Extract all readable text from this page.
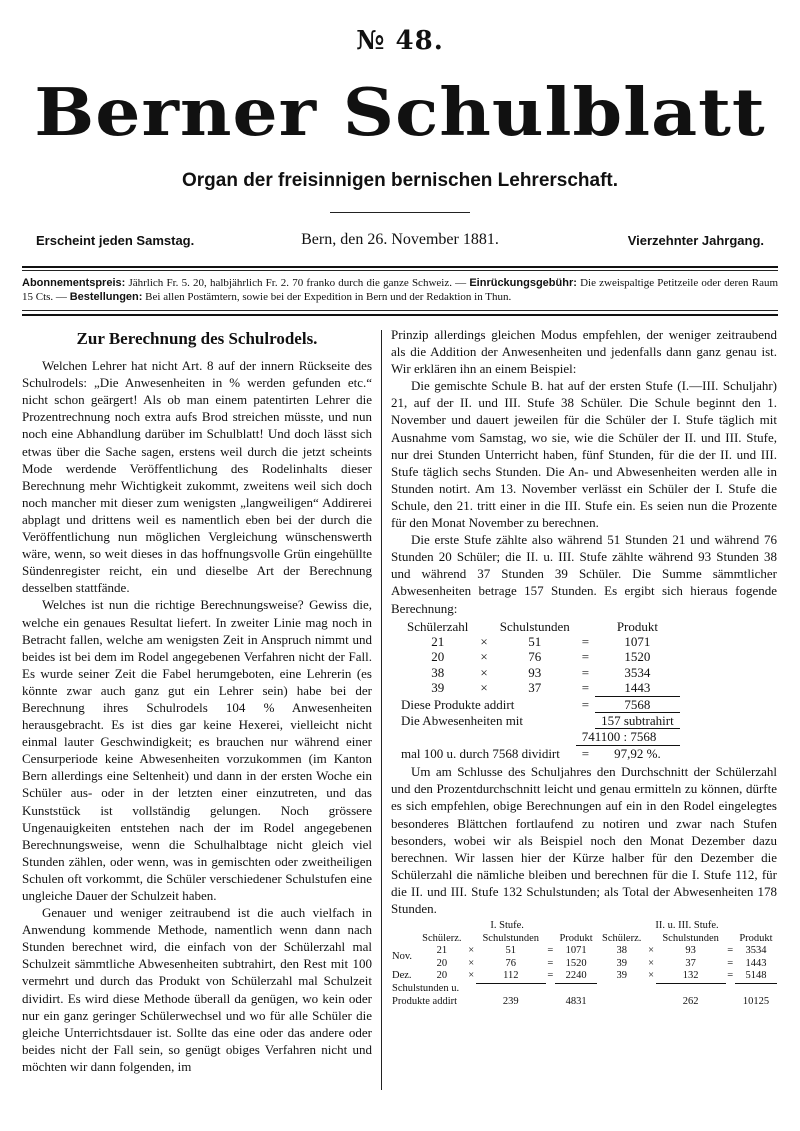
№ 48.
Berner Schulblatt
Organ der freisinnigen bernischen Lehrerschaft.
Erscheint jeden Samstag.	Bern, den 26. November 1881.	Vierzehnter Jahrgang.
Abonnementspreis: Jährlich Fr. 5. 20, halbjährlich Fr. 2. 70 franko durch die ganze Schweiz. — Einrückungsgebühr: Die zweispaltige Petitzeile oder deren Raum 15 Cts. — Bestellungen: Bei allen Postämtern, sowie bei der Expedition in Bern und der Redaktion in Thun.
Zur Berechnung des Schulrodels.

Welchen Lehrer hat nicht Art. 8 auf der innern Rückseite des Schulrodels: „Die Anwesenheiten in % werden gefunden etc.“ nicht schon geärgert! Als ob man einem patentirten Lehrer die Prozentrechnung noch extra aufs Brod streichen müsste, und nun noch eine Abhandlung darüber im Schulblatt! Und doch lässt sich etwas über die Sache sagen, erstens weil durch die jetzt scheints Mode werdende Veröffentlichung des Rodelinhalts dieser Berechnung mehr Wichtigkeit zukommt, zweitens weil sich doch noch mancher mit dieser zum wenigsten „langweiligen“ Addirerei abplagt und drittens weil es namentlich eben bei der durch die Veröffentlichung nun möglichen Vergleichung wünschenswerth wäre, wenn, so weit dieses in das hoffnungsvolle Grün eingehüllte Sündenregister reicht, ein und dieselbe Art der Berechnung desselben stattfände.

Welches ist nun die richtige Berechnungsweise? Gewiss die, welche ein genaues Resultat liefert. In zweiter Linie mag noch in Betracht fallen, welche am wenigsten Zeit in Anspruch nimmt und beides ist bei dem im Rodel angegebenen Verfahren nicht der Fall. Es wurde seiner Zeit die Fabel herumgeboten, eine Lehrerin (es könnte zwar auch ganz gut ein Lehrer sein) habe bei der Berechnung ihres Schulrodels 104 % Anwesenheiten herausgebracht. Es ist dies gar keine Hexerei, vielleicht nicht einmal lauter Geschwindigkeit; es brauchen nur während einer Censurperiode keine Abwesenheiten vorzukommen (im Kanton Bern allerdings eine Seltenheit) und dann in der ersten Woche ein Schüler aus- oder in der letzten einer einzutreten, und das Kunststück ist vollständig gelungen. Noch grössere Ungenauigkeiten entstehen nach der im Rodel angegebenen Berechnungsweise, wenn die Schulhalbtage nicht gleich viel Stunden zählen, oder wenn, was in gemischten oder zweitheiligen Schulen oft vorkommt, die Schüler verschiedener Schulstufen eine ungleiche Dauer der Schulzeit haben.

Genauer und weniger zeitraubend ist die auch vielfach in Anwendung kommende Methode, namentlich wenn dann nach Stunden berechnet wird, die einfach von der Schülerzahl mal Schulzeit sämmtliche Abwesenheiten subtrahirt, den Rest mit 100 vermehrt und durch das Produkt von Schülerzahl mal Schulzeit dividirt. Es wird diese Methode überall da genügen, wo kein oder nur ein ganz geringer Schülerwechsel und wo für alle Schüler die gleiche Unterrichtsdauer ist. Sollte das eine oder das andere oder beides nicht der Fall sein, so genügt obiges Verfahren nicht und möchten wir dann folgenden, im

Prinzip allerdings gleichen Modus empfehlen, der weniger zeitraubend als die Addition der Anwesenheiten und jedenfalls dann ganz genau ist. Wir erklären ihn an einem Beispiel:

Die gemischte Schule B. hat auf der ersten Stufe (I.—III. Schuljahr) 21, auf der II. und III. Stufe 38 Schüler. Die Schule beginnt den 1. November und dauert jeweilen für die Schüler der I. Stufe täglich mit Ausnahme vom Samstag, wo sie, wie die Schüler der II. und III. Stufe, nur drei Stunden Unterricht haben, fünf Stunden, für die der II. und III. Stufe täglich sechs Stunden. Die An- und Abwesenheiten werden alle in Stunden notirt. Am 13. November verlässt ein Schüler der I. Stufe die Schule, den 21. tritt einer in die III. Stufe ein. Es seien nun die Prozente für den Monat November zu berechnen.

Die erste Stufe zählte also während 51 Stunden 21 und während 76 Stunden 20 Schüler; die II. u. III. Stufe zählte während 93 Stunden 38 und während 37 Stunden 39 Schüler. Die Summe sämmtlicher Abwesenheiten betrage 157 Stunden. Es ergibt sich hieraus fogende Berechnung:

Schülerzahl		Schulstunden		Produkt
21	×	51	=	1071
20	×	76	=	1520
38	×	93	=	3534
39	×	37	=	1443
Diese Produkte addirt			=	7568
Die Abwesenheiten mit				157 subtrahirt
			741100 : 7568	
mal 100 u. durch 7568 dividirt			=	97,92 %.

Um am Schlusse des Schuljahres den Durchschnitt der Schülerzahl und den Prozentdurchschnitt leicht und genau ermitteln zu können, dürfte es sich empfehlen, obige Berechnungen auf ein in den Rodel eingelegtes besonderes Blättchen fortlaufend zu notiren und zwar nach Stufen besonders, wobei wir als Beispiel noch den Monat Dezember dazu berechnen. Wir lassen hier der Kürze halber für den Dezember die Schülerzahl die nämliche bleiben und berechnen für die I. Stufe 112, für die II. und III. Stufe 132 Schulstunden; als Total der Abwesenheiten 178 Stunden.

	I. Stufe.					II. u. III. Stufe.				
	Schülerz.		Schulstunden		Produkt	Schülerz.		Schulstunden		Produkt
Nov.	21	×	51	=	1071	38	×	93	=	3534
	20	×	76	=	1520	39	×	37	=	1443
Dez.	20	×	112	=	2240	39	×	132	=	5148
Schulstunden u.										
Produkte addirt			239		4831			262		10125
